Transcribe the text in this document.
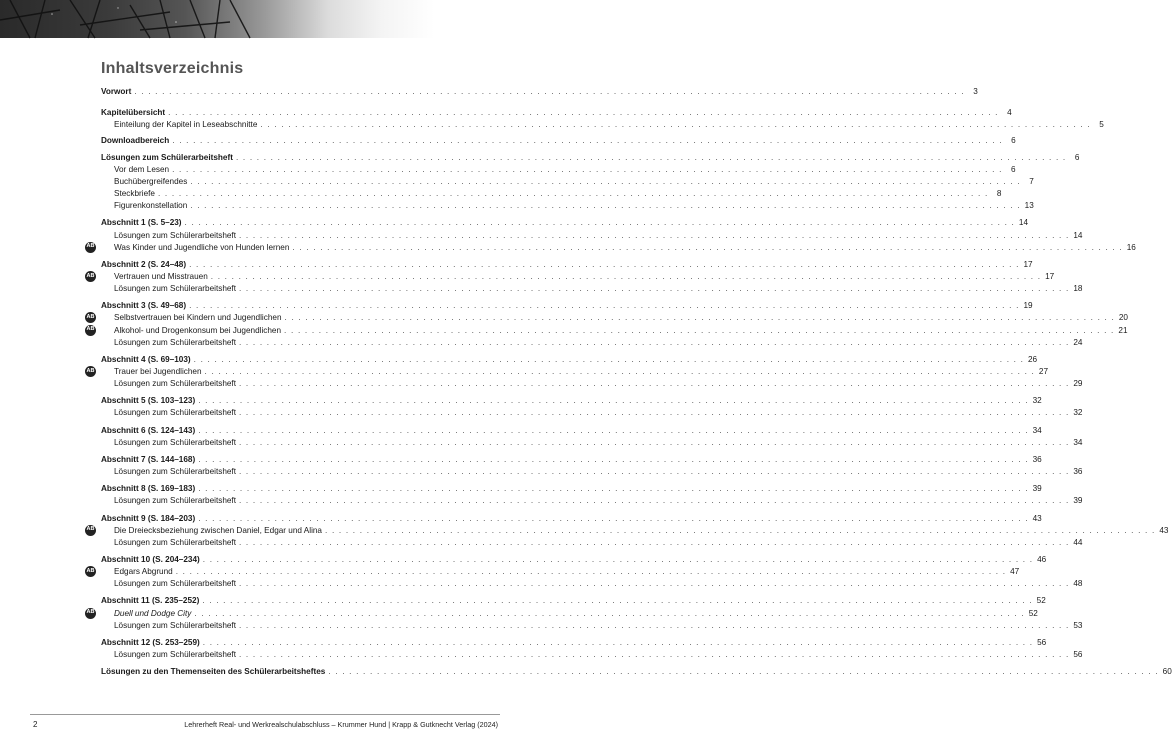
Inhaltsverzeichnis
Vorwort . . . . . . . . . . . . . . . . . . . . . . . . . . . . . . . . . . . . . . . . . . . . . . . . . . . . . . . . . . . . . . . . . . . . . . . . . . . . . . . . . . . . . . . . . . . . . . . . . . . . . . . . . . . . . . . . . . . . . . . .	3
Kapitelübersicht . . . . . . . . . . . . . . . . . . . . . . . . . . . . . . . . . . . . . . . . . . . . . . . . . . . . . . . . . . . . . . . . . . . . . . . . . . . . . . . . . . . . . . . . . . . . . . . . . . . . . . . . . . . . . . . . . . . . . . . .	4
Einteilung der Kapitel in Leseabschnitte . . . . . . . . . . . . . . . . . . . . . . . . . . . . . . . . . . . . . . . . . . . . . . . . . . . . . . . . . . . . . . . . . . . . . . . . . . . . . . . . . . . . . . . . . . . . . . . . . . . . . . . . . . . . . . . . . . . . . . . .	5
Downloadbereich . . . . . . . . . . . . . . . . . . . . . . . . . . . . . . . . . . . . . . . . . . . . . . . . . . . . . . . . . . . . . . . . . . . . . . . . . . . . . . . . . . . . . . . . . . . . . . . . . . . . . . . . . . . . . . . . . . . . . . . .	6
Lösungen zum Schülerarbeitsheft . . . . . . . . . . . . . . . . . . . . . . . . . . . . . . . . . . . . . . . . . . . . . . . . . . . . . . . . . . . . . . . . . . . . . . . . . . . . . . . . . . . . . . . . . . . . . . . . . . . . . . . . . . . . . . . . . . . . . . . .	6
Vor dem Lesen . . . . . . . . . . . . . . . . . . . . . . . . . . . . . . . . . . . . . . . . . . . . . . . . . . . . . . . . . . . . . . . . . . . . . . . . . . . . . . . . . . . . . . . . . . . . . . . . . . . . . . . . . . . . . . . . . . . . . . . .	6
Buchübergreifendes . . . . . . . . . . . . . . . . . . . . . . . . . . . . . . . . . . . . . . . . . . . . . . . . . . . . . . . . . . . . . . . . . . . . . . . . . . . . . . . . . . . . . . . . . . . . . . . . . . . . . . . . . . . . . . . . . . . . . . . .	7
Steckbriefe . . . . . . . . . . . . . . . . . . . . . . . . . . . . . . . . . . . . . . . . . . . . . . . . . . . . . . . . . . . . . . . . . . . . . . . . . . . . . . . . . . . . . . . . . . . . . . . . . . . . . . . . . . . . . . . . . . . . . . . .	8
Figurenkonstellation . . . . . . . . . . . . . . . . . . . . . . . . . . . . . . . . . . . . . . . . . . . . . . . . . . . . . . . . . . . . . . . . . . . . . . . . . . . . . . . . . . . . . . . . . . . . . . . . . . . . . . . . . . . . . . . . . . . . . . . . 13
Abschnitt 1 (S. 5–23) . . . . . . . . . . . . . . . . . . . . . . . . . . . . . . . . . . . . . . . . . . . . . . . . . . . . . . . . . . . . . . . . . . . . . . . . . . . . . . . . . . . . . . . . . . . . . . . . . . . . . . . . . . . . . . . . . . . . . . . . 14
Lösungen zum Schülerarbeitsheft . . . . . . . . . . . . . . . . . . . . . . . . . . . . . . . . . . . . . . . . . . . . . . . . . . . . . . . . . . . . . . . . . . . . . . . . . . . . . . . . . . . . . . . . . . . . . . . . . . . . . . . . . . . . . . . . . . . . . . . . 14
AB Was Kinder und Jugendliche von Hunden lernen . . . . . . . . . . . . . . . . . . . . . . . . . . . . . . . . . . . . . . . . . . . . . . . . . . . . . . . . . . . . . . . . . . . . . . . . . . . . . . . . . . . . . . . . . . . . . . . . . . . . . . . . . . . . . . . . . . . . . . . . 16
Abschnitt 2 (S. 24–48) . . . . . . . . . . . . . . . . . . . . . . . . . . . . . . . . . . . . . . . . . . . . . . . . . . . . . . . . . . . . . . . . . . . . . . . . . . . . . . . . . . . . . . . . . . . . . . . . . . . . . . . . . . . . . . . . . . . . . . . . 17
AB Vertrauen und Misstrauen . . . . . . . . . . . . . . . . . . . . . . . . . . . . . . . . . . . . . . . . . . . . . . . . . . . . . . . . . . . . . . . . . . . . . . . . . . . . . . . . . . . . . . . . . . . . . . . . . . . . . . . . . . . . . . . . . . . . . . . . 17
Lösungen zum Schülerarbeitsheft . . . . . . . . . . . . . . . . . . . . . . . . . . . . . . . . . . . . . . . . . . . . . . . . . . . . . . . . . . . . . . . . . . . . . . . . . . . . . . . . . . . . . . . . . . . . . . . . . . . . . . . . . . . . . . . . . . . . . . . . 18
Abschnitt 3 (S. 49–68) . . . . . . . . . . . . . . . . . . . . . . . . . . . . . . . . . . . . . . . . . . . . . . . . . . . . . . . . . . . . . . . . . . . . . . . . . . . . . . . . . . . . . . . . . . . . . . . . . . . . . . . . . . . . . . . . . . . . . . . . 19
AB Selbstvertrauen bei Kindern und Jugendlichen . . . . . . . . . . . . . . . . . . . . . . . . . . . . . . . . . . . . . . . . . . . . . . . . . . . . . . . . . . . . . . . . . . . . . . . . . . . . . . . . . . . . . . . . . . . . . . . . . . . . . . . . . . . . . . . . . . . . . . . . 20
AB Alkohol- und Drogenkonsum bei Jugendlichen . . . . . . . . . . . . . . . . . . . . . . . . . . . . . . . . . . . . . . . . . . . . . . . . . . . . . . . . . . . . . . . . . . . . . . . . . . . . . . . . . . . . . . . . . . . . . . . . . . . . . . . . . . . . . . . . . . . . . . . . 21
Lösungen zum Schülerarbeitsheft . . . . . . . . . . . . . . . . . . . . . . . . . . . . . . . . . . . . . . . . . . . . . . . . . . . . . . . . . . . . . . . . . . . . . . . . . . . . . . . . . . . . . . . . . . . . . . . . . . . . . . . . . . . . . . . . . . . . . . . . 24
Abschnitt 4 (S. 69–103) . . . . . . . . . . . . . . . . . . . . . . . . . . . . . . . . . . . . . . . . . . . . . . . . . . . . . . . . . . . . . . . . . . . . . . . . . . . . . . . . . . . . . . . . . . . . . . . . . . . . . . . . . . . . . . . . . . . . . . . . 26
AB Trauer bei Jugendlichen . . . . . . . . . . . . . . . . . . . . . . . . . . . . . . . . . . . . . . . . . . . . . . . . . . . . . . . . . . . . . . . . . . . . . . . . . . . . . . . . . . . . . . . . . . . . . . . . . . . . . . . . . . . . . . . . . . . . . . . . 27
Lösungen zum Schülerarbeitsheft . . . . . . . . . . . . . . . . . . . . . . . . . . . . . . . . . . . . . . . . . . . . . . . . . . . . . . . . . . . . . . . . . . . . . . . . . . . . . . . . . . . . . . . . . . . . . . . . . . . . . . . . . . . . . . . . . . . . . . . . 29
Abschnitt 5 (S. 103–123) . . . . . . . . . . . . . . . . . . . . . . . . . . . . . . . . . . . . . . . . . . . . . . . . . . . . . . . . . . . . . . . . . . . . . . . . . . . . . . . . . . . . . . . . . . . . . . . . . . . . . . . . . . . . . . . . . . . . . . . . 32
Lösungen zum Schülerarbeitsheft . . . . . . . . . . . . . . . . . . . . . . . . . . . . . . . . . . . . . . . . . . . . . . . . . . . . . . . . . . . . . . . . . . . . . . . . . . . . . . . . . . . . . . . . . . . . . . . . . . . . . . . . . . . . . . . . . . . . . . . . 32
Abschnitt 6 (S. 124–143) . . . . . . . . . . . . . . . . . . . . . . . . . . . . . . . . . . . . . . . . . . . . . . . . . . . . . . . . . . . . . . . . . . . . . . . . . . . . . . . . . . . . . . . . . . . . . . . . . . . . . . . . . . . . . . . . . . . . . . . . 34
Lösungen zum Schülerarbeitsheft . . . . . . . . . . . . . . . . . . . . . . . . . . . . . . . . . . . . . . . . . . . . . . . . . . . . . . . . . . . . . . . . . . . . . . . . . . . . . . . . . . . . . . . . . . . . . . . . . . . . . . . . . . . . . . . . . . . . . . . . 34
Abschnitt 7 (S. 144–168) . . . . . . . . . . . . . . . . . . . . . . . . . . . . . . . . . . . . . . . . . . . . . . . . . . . . . . . . . . . . . . . . . . . . . . . . . . . . . . . . . . . . . . . . . . . . . . . . . . . . . . . . . . . . . . . . . . . . . . . . 36
Lösungen zum Schülerarbeitsheft . . . . . . . . . . . . . . . . . . . . . . . . . . . . . . . . . . . . . . . . . . . . . . . . . . . . . . . . . . . . . . . . . . . . . . . . . . . . . . . . . . . . . . . . . . . . . . . . . . . . . . . . . . . . . . . . . . . . . . . . 36
Abschnitt 8 (S. 169–183) . . . . . . . . . . . . . . . . . . . . . . . . . . . . . . . . . . . . . . . . . . . . . . . . . . . . . . . . . . . . . . . . . . . . . . . . . . . . . . . . . . . . . . . . . . . . . . . . . . . . . . . . . . . . . . . . . . . . . . . . 39
Lösungen zum Schülerarbeitsheft . . . . . . . . . . . . . . . . . . . . . . . . . . . . . . . . . . . . . . . . . . . . . . . . . . . . . . . . . . . . . . . . . . . . . . . . . . . . . . . . . . . . . . . . . . . . . . . . . . . . . . . . . . . . . . . . . . . . . . . . 39
Abschnitt 9 (S. 184–203) . . . . . . . . . . . . . . . . . . . . . . . . . . . . . . . . . . . . . . . . . . . . . . . . . . . . . . . . . . . . . . . . . . . . . . . . . . . . . . . . . . . . . . . . . . . . . . . . . . . . . . . . . . . . . . . . . . . . . . . . 43
AB Die Dreiecksbeziehung zwischen Daniel, Edgar und Alina . . . . . . . . . . . . . . . . . . . . . . . . . . . . . . . . . . . . . . . . . . . . . . . . . . . . . . . . . . . . . . . . . . . . . . . . . . . . . . . . . . . . . . . . . . . . . . . . . . . . . . . . . . . . . . . . . . . . . . . . 43
Lösungen zum Schülerarbeitsheft . . . . . . . . . . . . . . . . . . . . . . . . . . . . . . . . . . . . . . . . . . . . . . . . . . . . . . . . . . . . . . . . . . . . . . . . . . . . . . . . . . . . . . . . . . . . . . . . . . . . . . . . . . . . . . . . . . . . . . . . 44
Abschnitt 10 (S. 204–234) . . . . . . . . . . . . . . . . . . . . . . . . . . . . . . . . . . . . . . . . . . . . . . . . . . . . . . . . . . . . . . . . . . . . . . . . . . . . . . . . . . . . . . . . . . . . . . . . . . . . . . . . . . . . . . . . . . . . . . . . 46
AB Edgars Abgrund . . . . . . . . . . . . . . . . . . . . . . . . . . . . . . . . . . . . . . . . . . . . . . . . . . . . . . . . . . . . . . . . . . . . . . . . . . . . . . . . . . . . . . . . . . . . . . . . . . . . . . . . . . . . . . . . . . . . . . . . 47
Lösungen zum Schülerarbeitsheft . . . . . . . . . . . . . . . . . . . . . . . . . . . . . . . . . . . . . . . . . . . . . . . . . . . . . . . . . . . . . . . . . . . . . . . . . . . . . . . . . . . . . . . . . . . . . . . . . . . . . . . . . . . . . . . . . . . . . . . . 48
Abschnitt 11 (S. 235–252) . . . . . . . . . . . . . . . . . . . . . . . . . . . . . . . . . . . . . . . . . . . . . . . . . . . . . . . . . . . . . . . . . . . . . . . . . . . . . . . . . . . . . . . . . . . . . . . . . . . . . . . . . . . . . . . . . . . . . . . . 52
AB Duell und Dodge City . . . . . . . . . . . . . . . . . . . . . . . . . . . . . . . . . . . . . . . . . . . . . . . . . . . . . . . . . . . . . . . . . . . . . . . . . . . . . . . . . . . . . . . . . . . . . . . . . . . . . . . . . . . . . . . . . . . . . . . . 52
Lösungen zum Schülerarbeitsheft . . . . . . . . . . . . . . . . . . . . . . . . . . . . . . . . . . . . . . . . . . . . . . . . . . . . . . . . . . . . . . . . . . . . . . . . . . . . . . . . . . . . . . . . . . . . . . . . . . . . . . . . . . . . . . . . . . . . . . . . 53
Abschnitt 12 (S. 253–259) . . . . . . . . . . . . . . . . . . . . . . . . . . . . . . . . . . . . . . . . . . . . . . . . . . . . . . . . . . . . . . . . . . . . . . . . . . . . . . . . . . . . . . . . . . . . . . . . . . . . . . . . . . . . . . . . . . . . . . . . 56
Lösungen zum Schülerarbeitsheft . . . . . . . . . . . . . . . . . . . . . . . . . . . . . . . . . . . . . . . . . . . . . . . . . . . . . . . . . . . . . . . . . . . . . . . . . . . . . . . . . . . . . . . . . . . . . . . . . . . . . . . . . . . . . . . . . . . . . . . . 56
Lösungen zu den Themenseiten des Schülerarbeitsheftes . . . . . . . . . . . . . . . . . . . . . . . . . . . . . . . . . . . . . . . . . . . . . . . . . . . . . . . . . . . . . . . . . . . . . . . . . . . . . . . . . . . . . . . . . . . . . . . . . . . . . . . . . . . . . . . . . . . . . . . . 60
2	Lehrerheft Real- und Werkrealschulabschluss – Krummer Hund | Krapp & Gutknecht Verlag (2024)
